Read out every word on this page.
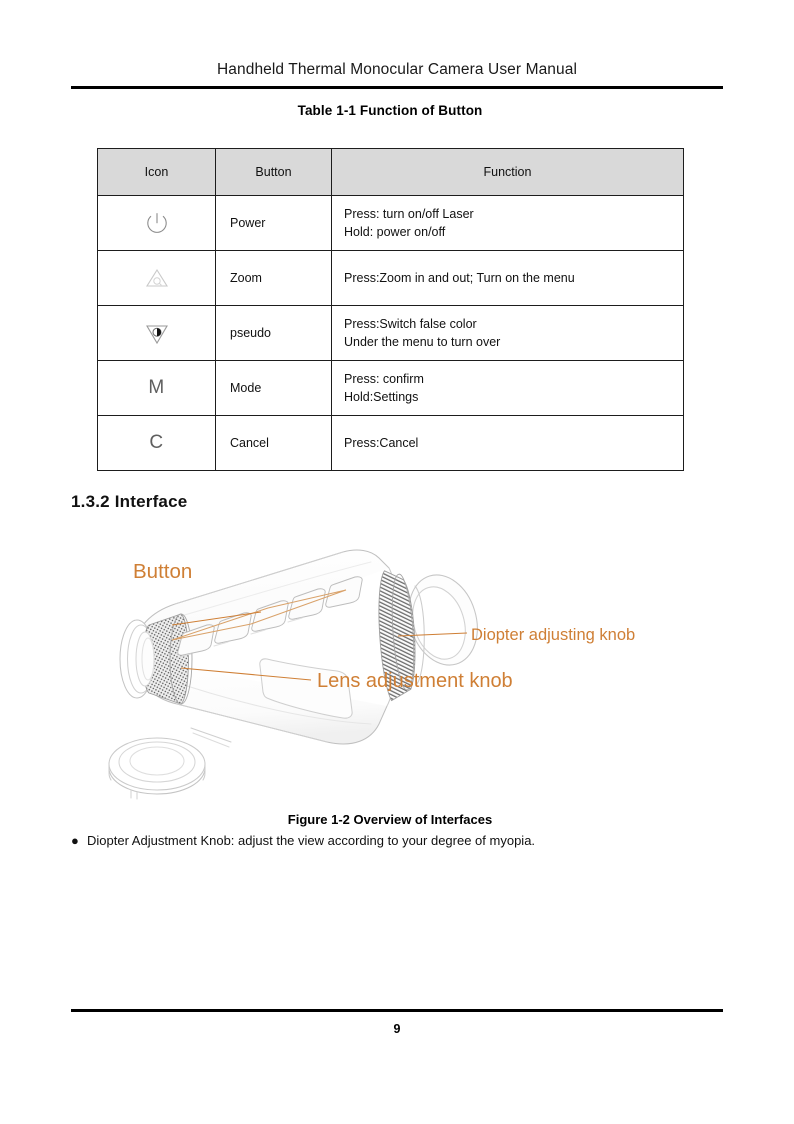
Handheld Thermal Monocular Camera User Manual
Table 1-1 Function of Button
Icon	Button	Function

	Power	Press: turn on/off Laser
Hold: power on/off

	Zoom	Press:Zoom in and out; Turn on the menu

	pseudo	Press:Switch false color
Under the menu to turn over

M	Mode	Press: confirm
Hold:Settings

C	Cancel	Press:Cancel
1.3.2 Interface
Button
Diopter adjusting knob
Lens adjustment knob
Figure 1-2 Overview of Interfaces
● Diopter Adjustment Knob: adjust the view according to your degree of myopia.
9
